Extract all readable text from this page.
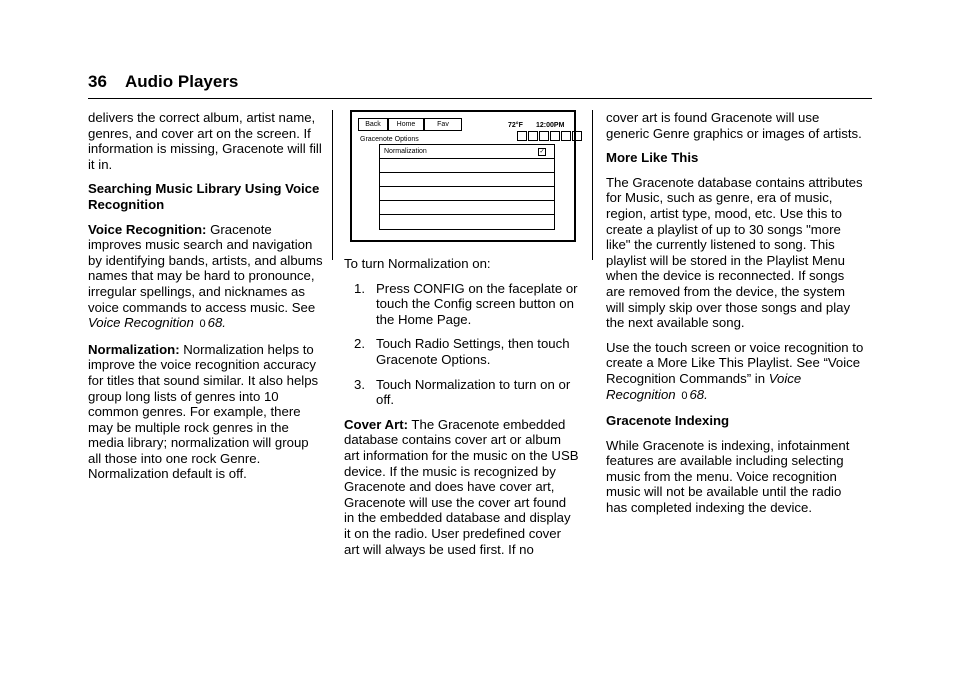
36 Audio Players

delivers the correct album, artist name, genres, and cover art on the screen. If information is missing, Gracenote will fill it in.

Searching Music Library Using Voice Recognition

Voice Recognition: Gracenote improves music search and navigation by identifying bands, artists, and albums names that may be hard to pronounce, irregular spellings, and nicknames as voice commands to access music. See Voice Recognition 0 68.

Normalization: Normalization helps to improve the voice recognition accuracy for titles that sound similar. It also helps group long lists of genres into 10 common genres. For example, there may be multiple rock genres in the media library; normalization will group all those into one rock Genre. Normalization default is off.

Back	Home	Fav	72°F 12:00PM
Gracenote Options
Normalization	✓

To turn Normalization on:

1. Press CONFIG on the faceplate or touch the Config screen button on the Home Page.
2. Touch Radio Settings, then touch Gracenote Options.
3. Touch Normalization to turn on or off.

Cover Art: The Gracenote embedded database contains cover art or album art information for the music on the USB device. If the music is recognized by Gracenote and does have cover art, Gracenote will use the cover art found in the embedded database and display it on the radio. User predefined cover art will always be used first. If no

cover art is found Gracenote will use generic Genre graphics or images of artists.

More Like This

The Gracenote database contains attributes for Music, such as genre, era of music, region, artist type, mood, etc. Use this to create a playlist of up to 30 songs "more like" the currently listened to song. This playlist will be stored in the Playlist Menu when the device is reconnected. If songs are removed from the device, the system will simply skip over those songs and play the next available song.

Use the touch screen or voice recognition to create a More Like This Playlist. See “Voice Recognition Commands” in Voice Recognition 0 68.

Gracenote Indexing

While Gracenote is indexing, infotainment features are available including selecting music from the menu. Voice recognition music will not be available until the radio has completed indexing the device.
